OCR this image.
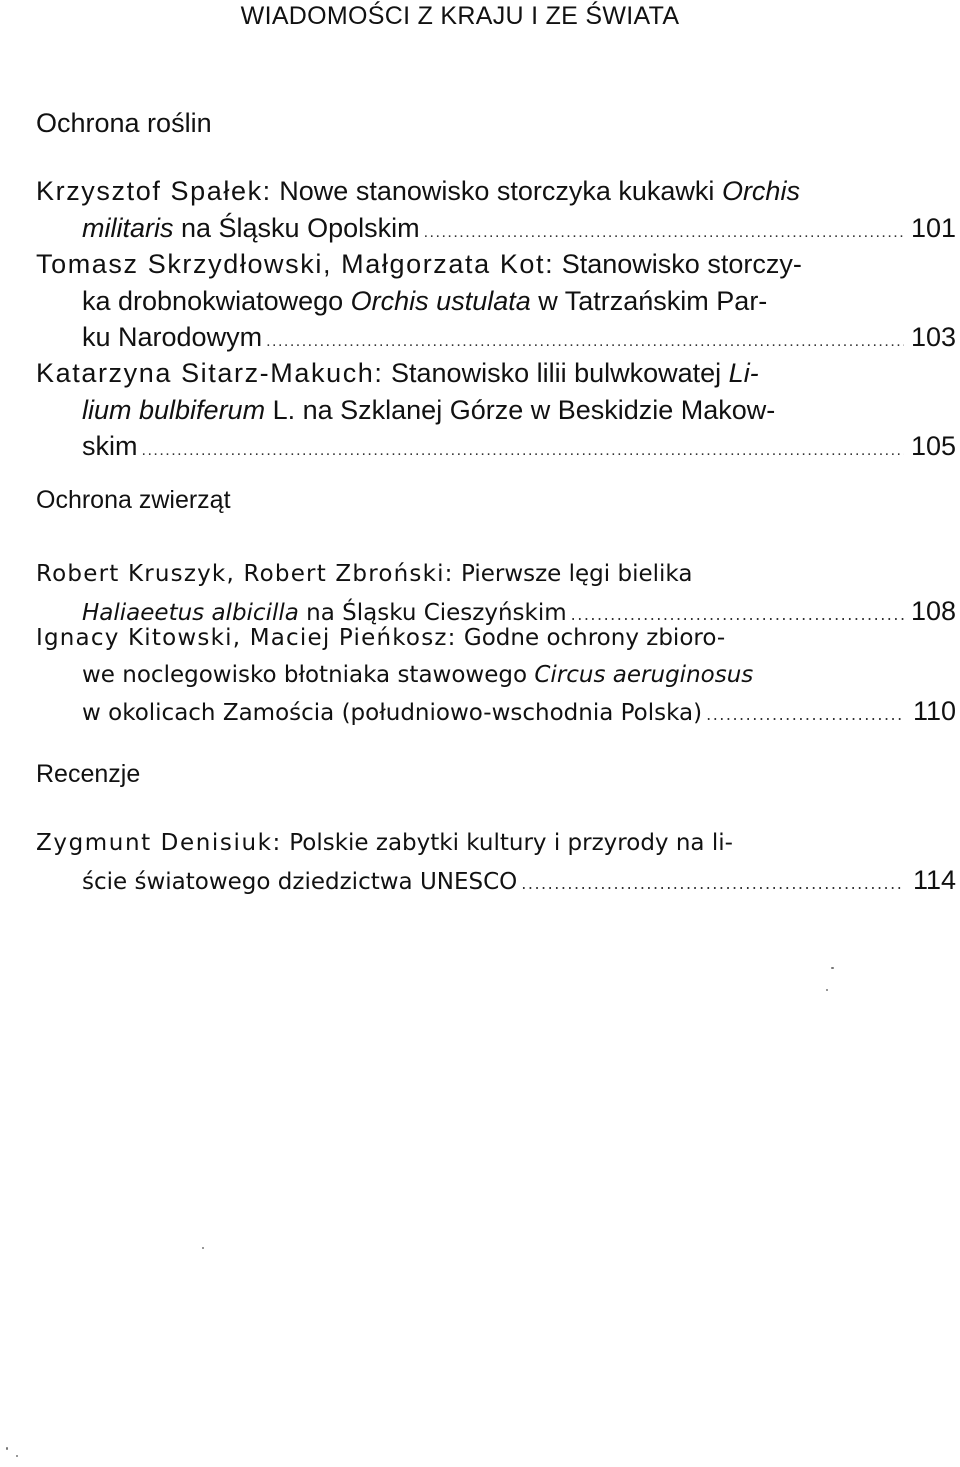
WIADOMOŚCI Z KRAJU I ZE ŚWIATA
Ochrona roślin
Krzysztof Spałek: Nowe stanowisko storczyka kukawki Orchis
militaris na Śląsku Opolskim .....	101
Tomasz Skrzydłowski, Małgorzata Kot: Stanowisko storczy-
ka drobnokwiatowego Orchis ustulata w Tatrzańskim Par-
ku Narodowym .....	103
Katarzyna Sitarz-Makuch: Stanowisko lilii bulwkowatej Li-
lium bulbiferum L. na Szklanej Górze w Beskidzie Makow-
skim .....	105
Ochrona zwierząt
Robert Kruszyk, Robert Zbroński: Pierwsze lęgi bielika
Haliaeetus albicilla na Śląsku Cieszyńskim .....	108
Ignacy Kitowski, Maciej Pieńkosz: Godne ochrony zbioro-
we noclegowisko błotniaka stawowego Circus aeruginosus
w okolicach Zamościa (południowo-wschodnia Polska) .....	110
Recenzje
Zygmunt Denisiuk: Polskie zabytki kultury i przyrody na li-
ście światowego dziedzictwa UNESCO .....	114
